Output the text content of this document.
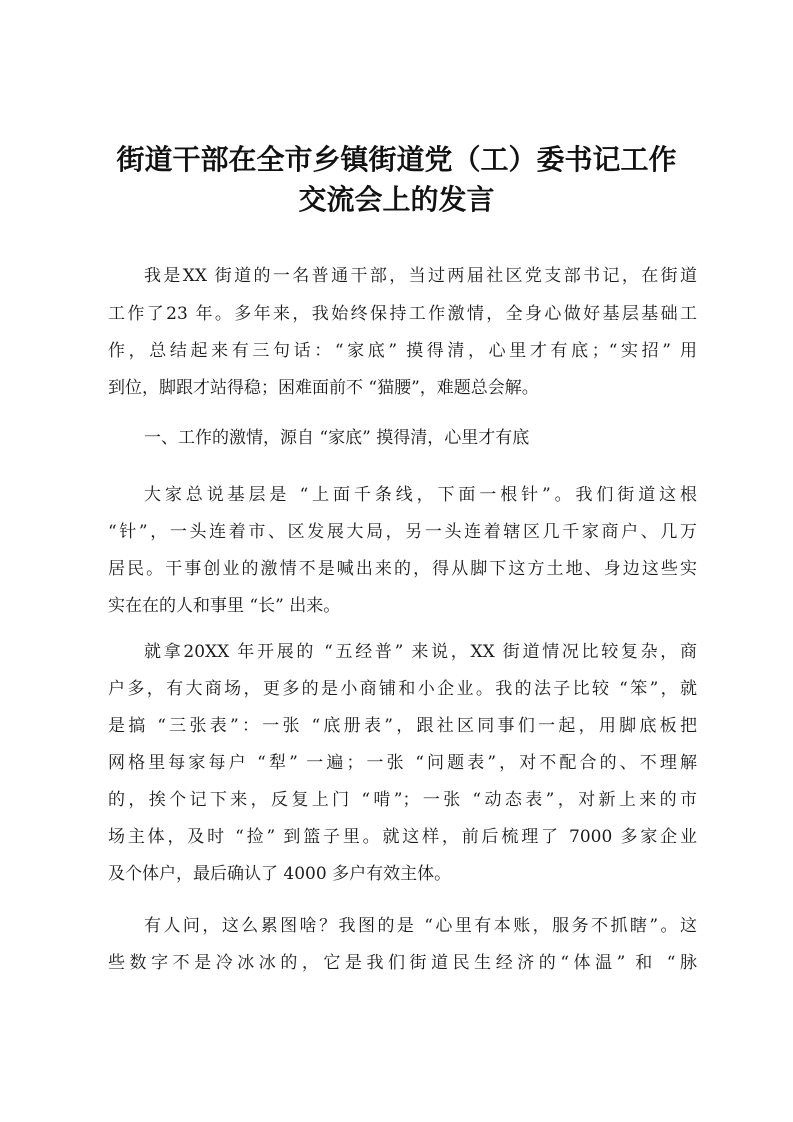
街道干部在全市乡镇街道党（工）委书记工作
交流会上的发言
我是XX 街道的一名普通干部，当过两届社区党支部书记，在街道
工作了23 年。多年来，我始终保持工作激情，全身心做好基层基础工
作，总结起来有三句话：“家底” 摸得清，心里才有底；“实招” 用
到位，脚跟才站得稳；困难面前不 “猫腰”，难题总会解。
一、工作的激情，源自 “家底” 摸得清，心里才有底
大家总说基层是 “上面千条线，下面一根针”。我们街道这根
“针”，一头连着市、区发展大局，另一头连着辖区几千家商户、几万
居民。干事创业的激情不是喊出来的，得从脚下这方土地、身边这些实
实在在的人和事里 “长” 出来。
就拿20XX 年开展的 “五经普” 来说，XX 街道情况比较复杂，商
户多，有大商场，更多的是小商铺和小企业。我的法子比较 “笨”，就
是搞 “三张表”：一张 “底册表”，跟社区同事们一起，用脚底板把
网格里每家每户 “犁” 一遍；一张 “问题表”，对不配合的、不理解
的，挨个记下来，反复上门 “啃”；一张 “动态表”，对新上来的市
场主体，及时 “捡” 到篮子里。就这样，前后梳理了 7000 多家企业
及个体户，最后确认了 4000 多户有效主体。
有人问，这么累图啥？我图的是 “心里有本账，服务不抓瞎”。这
些数字不是冷冰冰的，它是我们街道民生经济的“体温” 和 “脉
